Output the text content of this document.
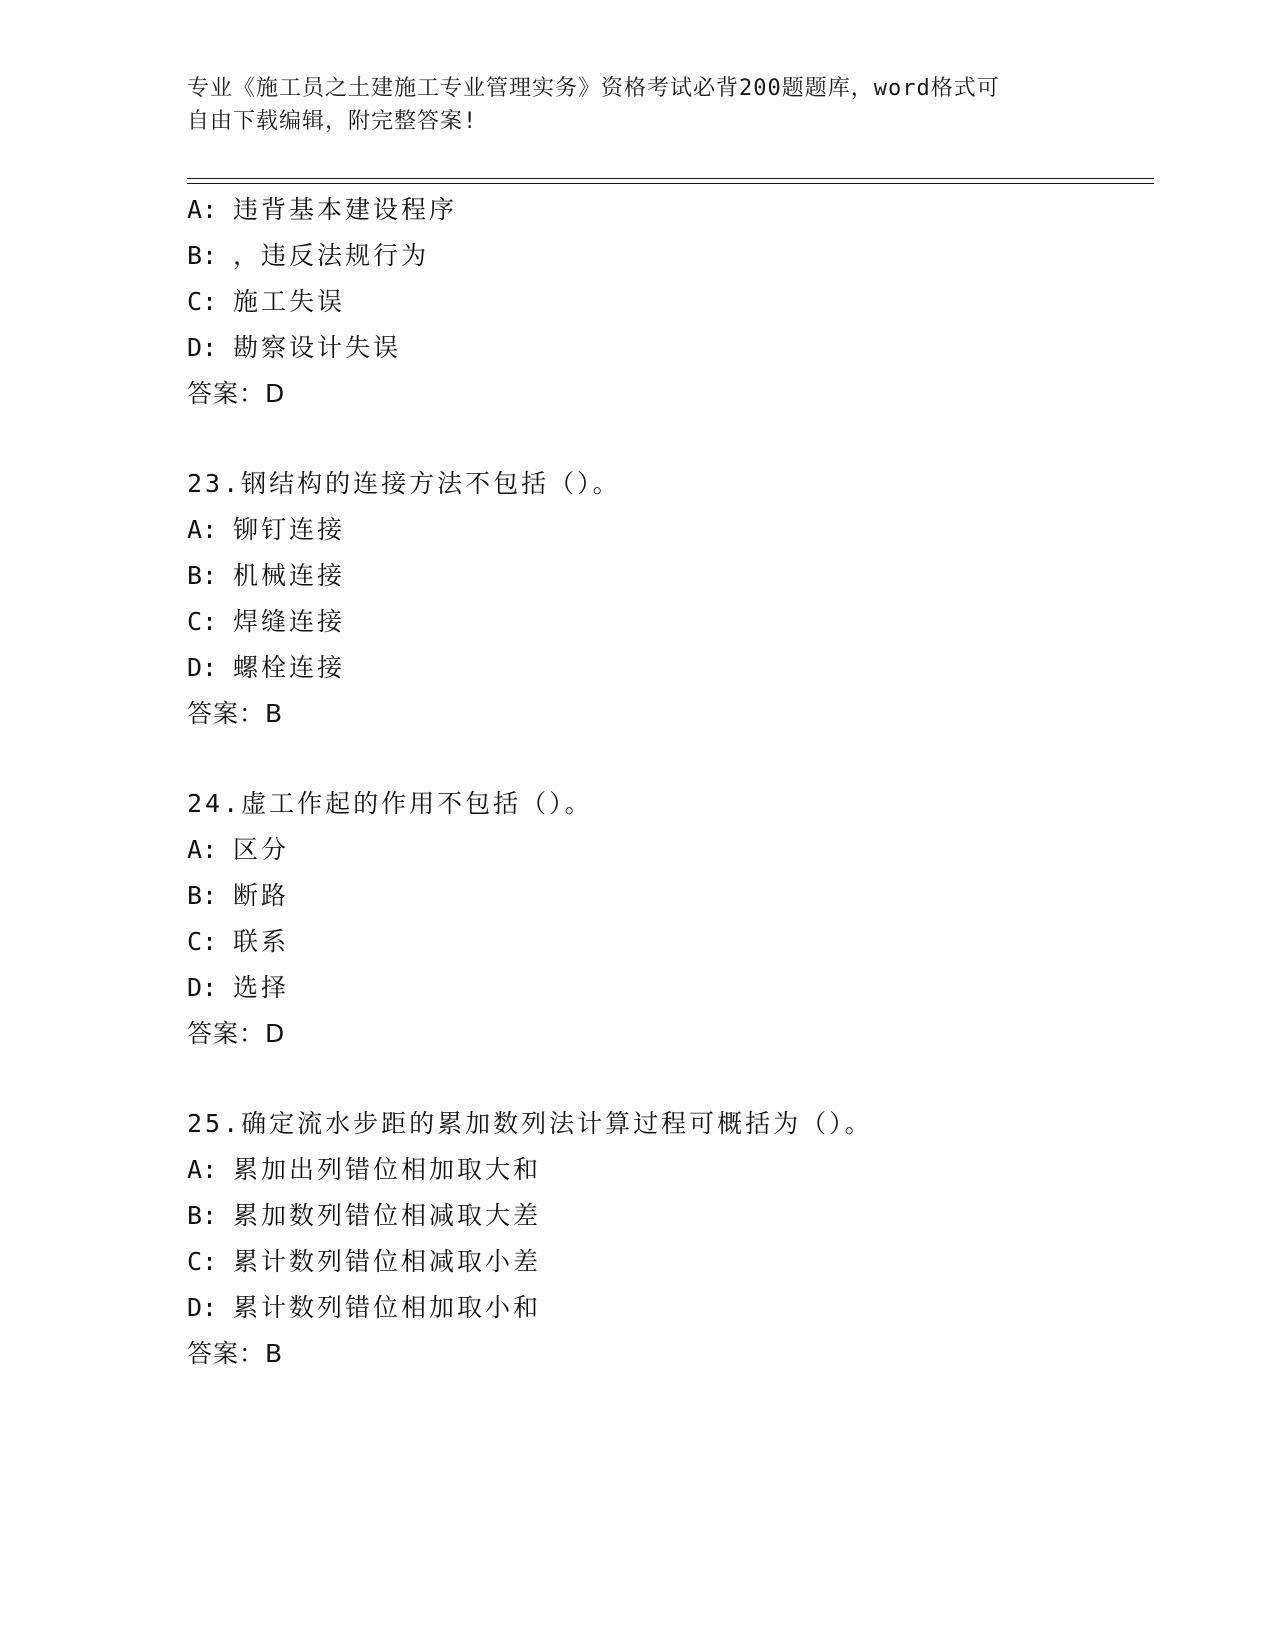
专业《施工员之土建施工专业管理实务》资格考试必背200题题库，word格式可
自由下载编辑，附完整答案!
A: 违背基本建设程序
B: ，违反法规行为
C: 施工失误
D: 勘察设计失误
答案：D
23.钢结构的连接方法不包括（）。
A: 铆钉连接
B: 机械连接
C: 焊缝连接
D: 螺栓连接
答案：B
24.虚工作起的作用不包括（）。
A: 区分
B: 断路
C: 联系
D: 选择
答案：D
25.确定流水步距的累加数列法计算过程可概括为（）。
A: 累加出列错位相加取大和
B: 累加数列错位相减取大差
C: 累计数列错位相减取小差
D: 累计数列错位相加取小和
答案：B
